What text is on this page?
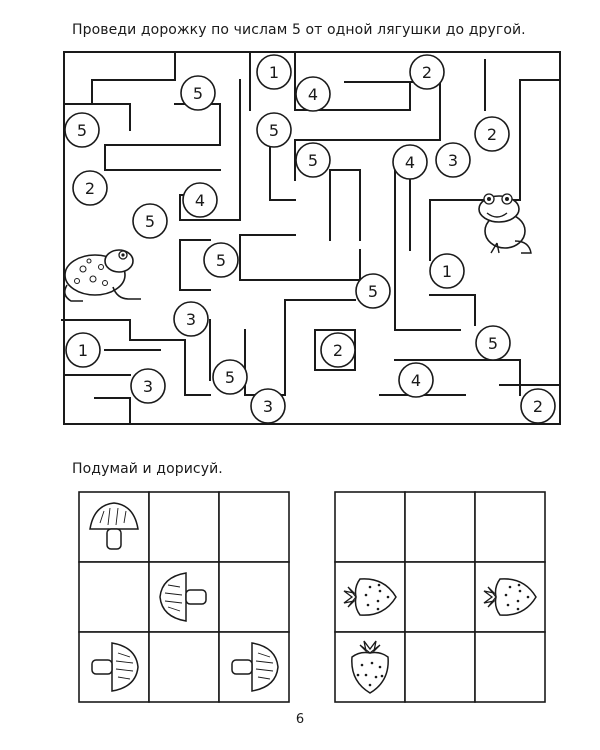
Проведи дорожку по числам 5 от одной лягушки до другой.
5
1
4
2
5	5	2
5	4 3
2
4
5
5
1
5
3
2	5
1
3	5	4
3	2
Подумай и дорисуй.
6
